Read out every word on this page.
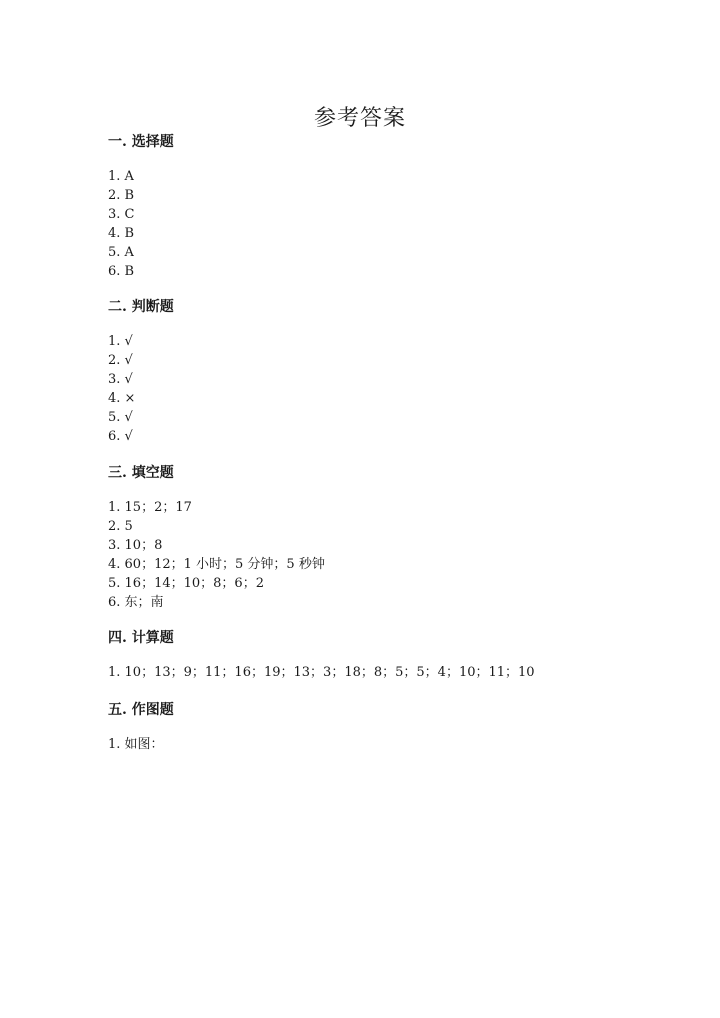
参考答案
一. 选择题
1. A
2. B
3. C
4. B
5. A
6. B
二. 判断题
1. √
2. √
3. √
4. ×
5. √
6. √
三. 填空题
1. 15；2；17
2. 5
3. 10；8
4. 60；12；1 小时；5 分钟；5 秒钟
5. 16；14；10；8；6；2
6. 东；南
四. 计算题
1. 10；13；9；11；16；19；13；3；18；8；5；5；4；10；11；10
五. 作图题
1. 如图：
